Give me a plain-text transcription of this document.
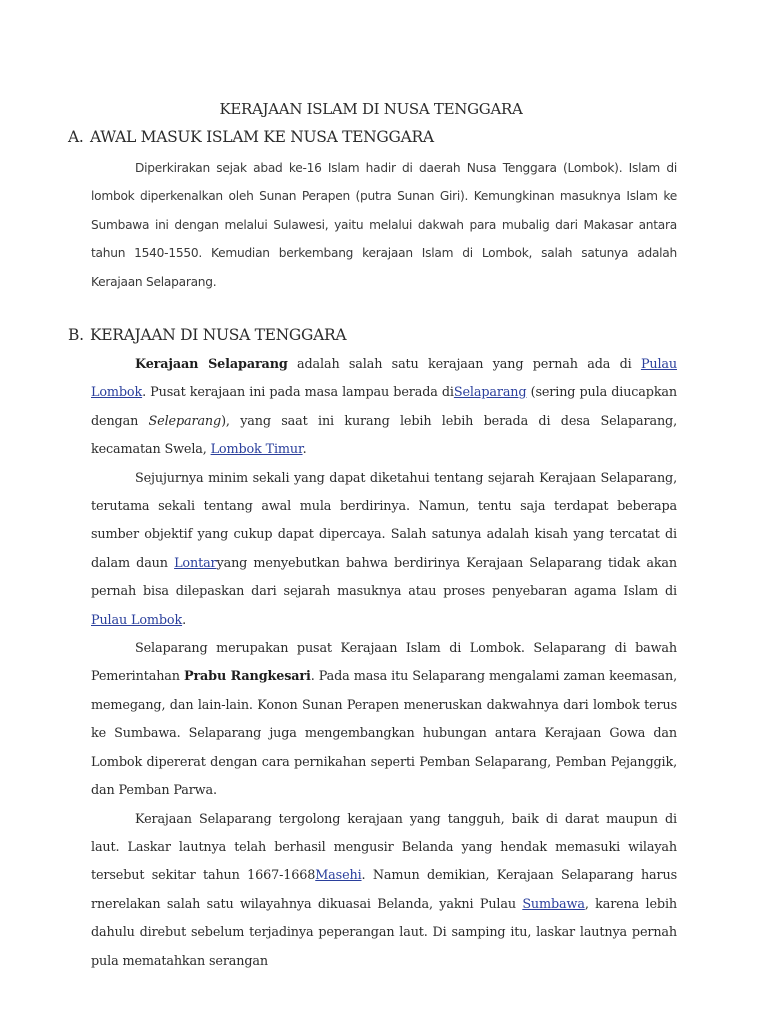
KERAJAAN ISLAM DI NUSA TENGGARA
A. AWAL MASUK ISLAM KE NUSA TENGGARA

Diperkirakan sejak abad ke-16 Islam hadir di daerah Nusa Tenggara (Lombok). Islam di lombok diperkenalkan oleh Sunan Perapen (putra Sunan Giri). Kemungkinan masuknya Islam ke Sumbawa ini dengan melalui Sulawesi, yaitu melalui dakwah para mubalig dari Makasar antara tahun 1540-1550. Kemudian berkembang kerajaan Islam di Lombok, salah satunya adalah Kerajaan Selaparang.

B. KERAJAAN DI NUSA TENGGARA

Kerajaan Selaparang adalah salah satu kerajaan yang pernah ada di Pulau Lombok. Pusat kerajaan ini pada masa lampau berada diSelaparang (sering pula diucapkan dengan Seleparang), yang saat ini kurang lebih lebih berada di desa Selaparang, kecamatan Swela, Lombok Timur.

Sejujurnya minim sekali yang dapat diketahui tentang sejarah Kerajaan Selaparang, terutama sekali tentang awal mula berdirinya. Namun, tentu saja terdapat beberapa sumber objektif yang cukup dapat dipercaya. Salah satunya adalah kisah yang tercatat di dalam daun Lontaryang menyebutkan bahwa berdirinya Kerajaan Selaparang tidak akan pernah bisa dilepaskan dari sejarah masuknya atau proses penyebaran agama Islam di Pulau Lombok.

Selaparang merupakan pusat Kerajaan Islam di Lombok. Selaparang di bawah Pemerintahan Prabu Rangkesari. Pada masa itu Selaparang mengalami zaman keemasan, memegang, dan lain-lain. Konon Sunan Perapen meneruskan dakwahnya dari lombok terus ke Sumbawa. Selaparang juga mengembangkan hubungan antara Kerajaan Gowa dan Lombok dipererat dengan cara pernikahan seperti Pemban Selaparang, Pemban Pejanggik, dan Pemban Parwa.

Kerajaan Selaparang tergolong kerajaan yang tangguh, baik di darat maupun di laut. Laskar lautnya telah berhasil mengusir Belanda yang hendak memasuki wilayah tersebut sekitar tahun 1667-1668Masehi. Namun demikian, Kerajaan Selaparang harus rnerelakan salah satu wilayahnya dikuasai Belanda, yakni Pulau Sumbawa, karena lebih dahulu direbut sebelum terjadinya peperangan laut. Di samping itu, laskar lautnya pernah pula mematahkan serangan
